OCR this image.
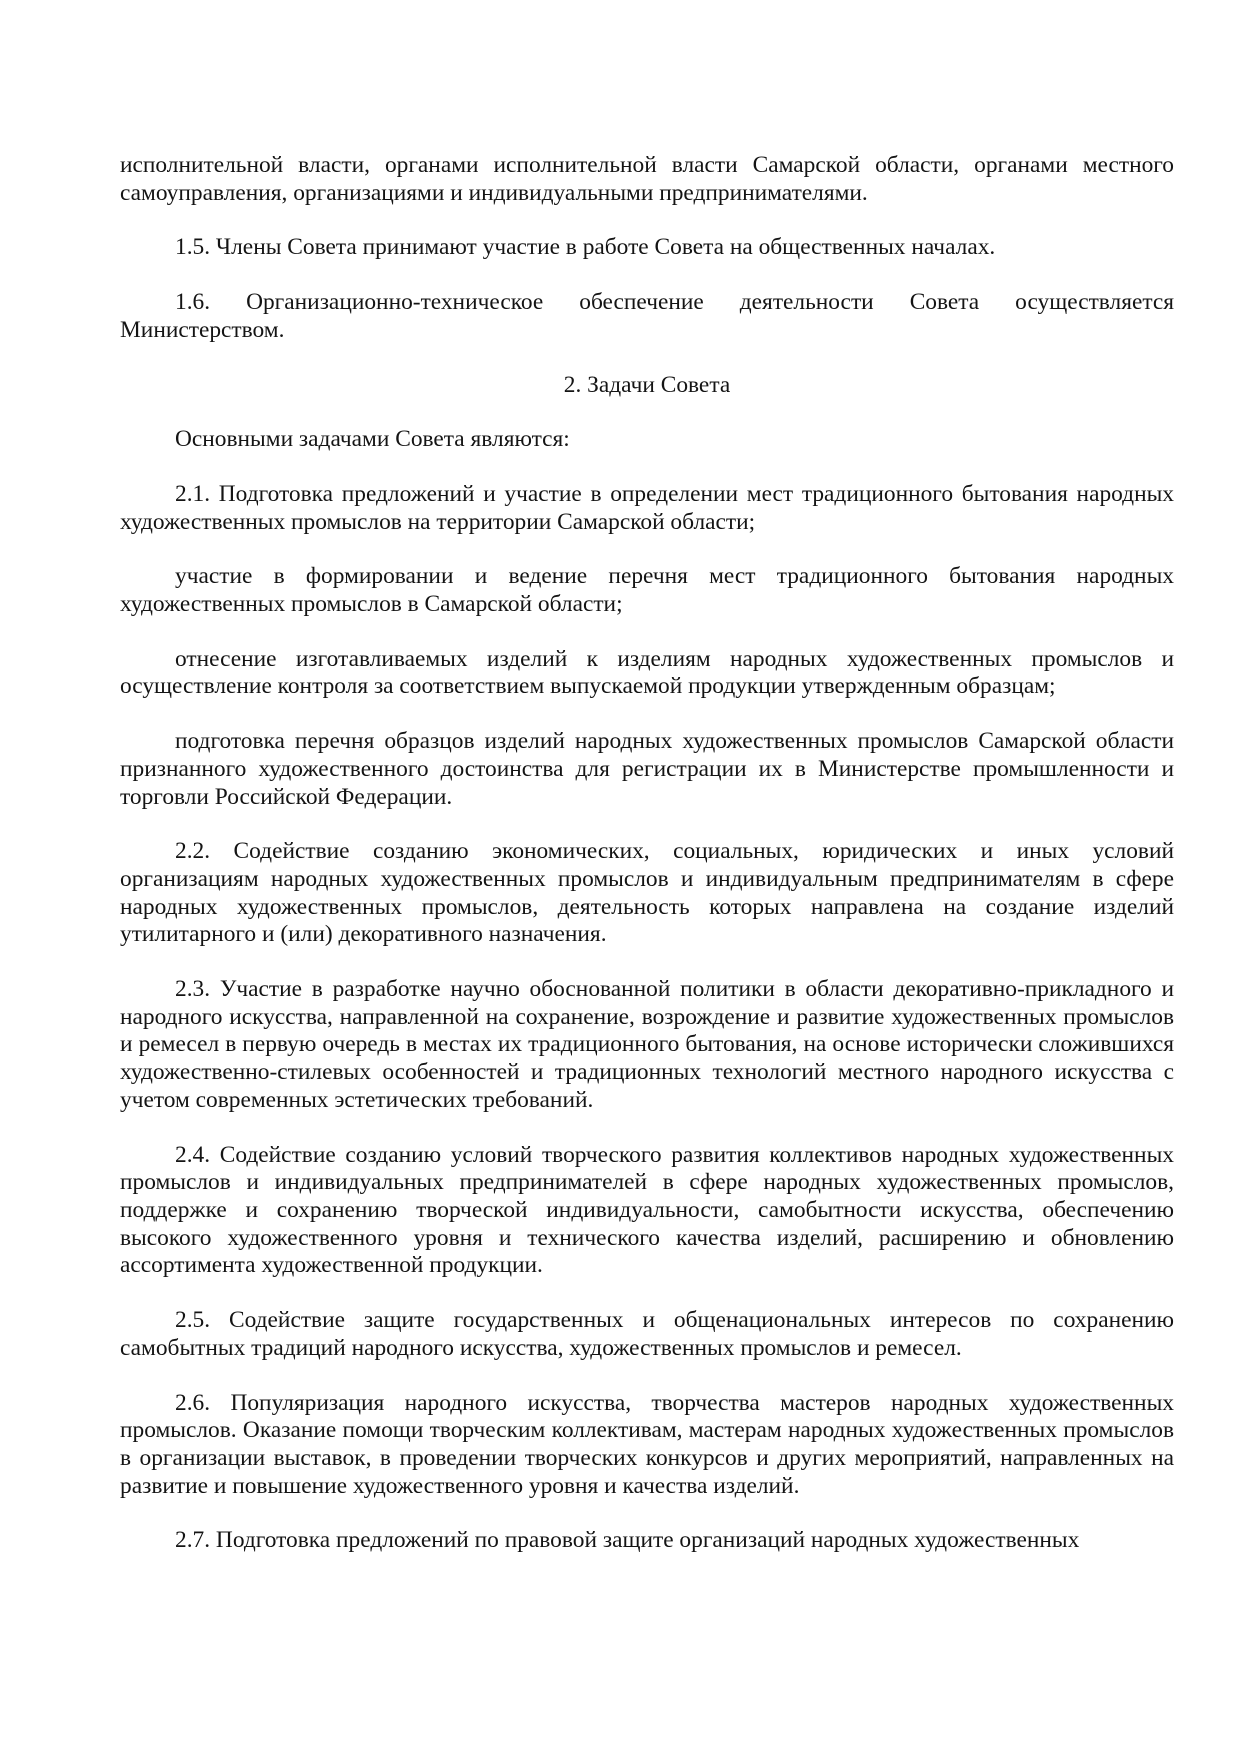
исполнительной власти, органами исполнительной власти Самарской области, органами местного самоуправления, организациями и индивидуальными предпринимателями.

1.5. Члены Совета принимают участие в работе Совета на общественных началах.

1.6. Организационно-техническое обеспечение деятельности Совета осуществляется Министерством.

2. Задачи Совета

Основными задачами Совета являются:

2.1. Подготовка предложений и участие в определении мест традиционного бытования народных художественных промыслов на территории Самарской области;

участие в формировании и ведение перечня мест традиционного бытования народных художественных промыслов в Самарской области;

отнесение изготавливаемых изделий к изделиям народных художественных промыслов и осуществление контроля за соответствием выпускаемой продукции утвержденным образцам;

подготовка перечня образцов изделий народных художественных промыслов Самарской области признанного художественного достоинства для регистрации их в Министерстве промышленности и торговли Российской Федерации.

2.2. Содействие созданию экономических, социальных, юридических и иных условий организациям народных художественных промыслов и индивидуальным предпринимателям в сфере народных художественных промыслов, деятельность которых направлена на создание изделий утилитарного и (или) декоративного назначения.

2.3. Участие в разработке научно обоснованной политики в области декоративно-прикладного и народного искусства, направленной на сохранение, возрождение и развитие художественных промыслов и ремесел в первую очередь в местах их традиционного бытования, на основе исторически сложившихся художественно-стилевых особенностей и традиционных технологий местного народного искусства с учетом современных эстетических требований.

2.4. Содействие созданию условий творческого развития коллективов народных художественных промыслов и индивидуальных предпринимателей в сфере народных художественных промыслов, поддержке и сохранению творческой индивидуальности, самобытности искусства, обеспечению высокого художественного уровня и технического качества изделий, расширению и обновлению ассортимента художественной продукции.

2.5. Содействие защите государственных и общенациональных интересов по сохранению самобытных традиций народного искусства, художественных промыслов и ремесел.

2.6. Популяризация народного искусства, творчества мастеров народных художественных промыслов. Оказание помощи творческим коллективам, мастерам народных художественных промыслов в организации выставок, в проведении творческих конкурсов и других мероприятий, направленных на развитие и повышение художественного уровня и качества изделий.

2.7. Подготовка предложений по правовой защите организаций народных художественных
